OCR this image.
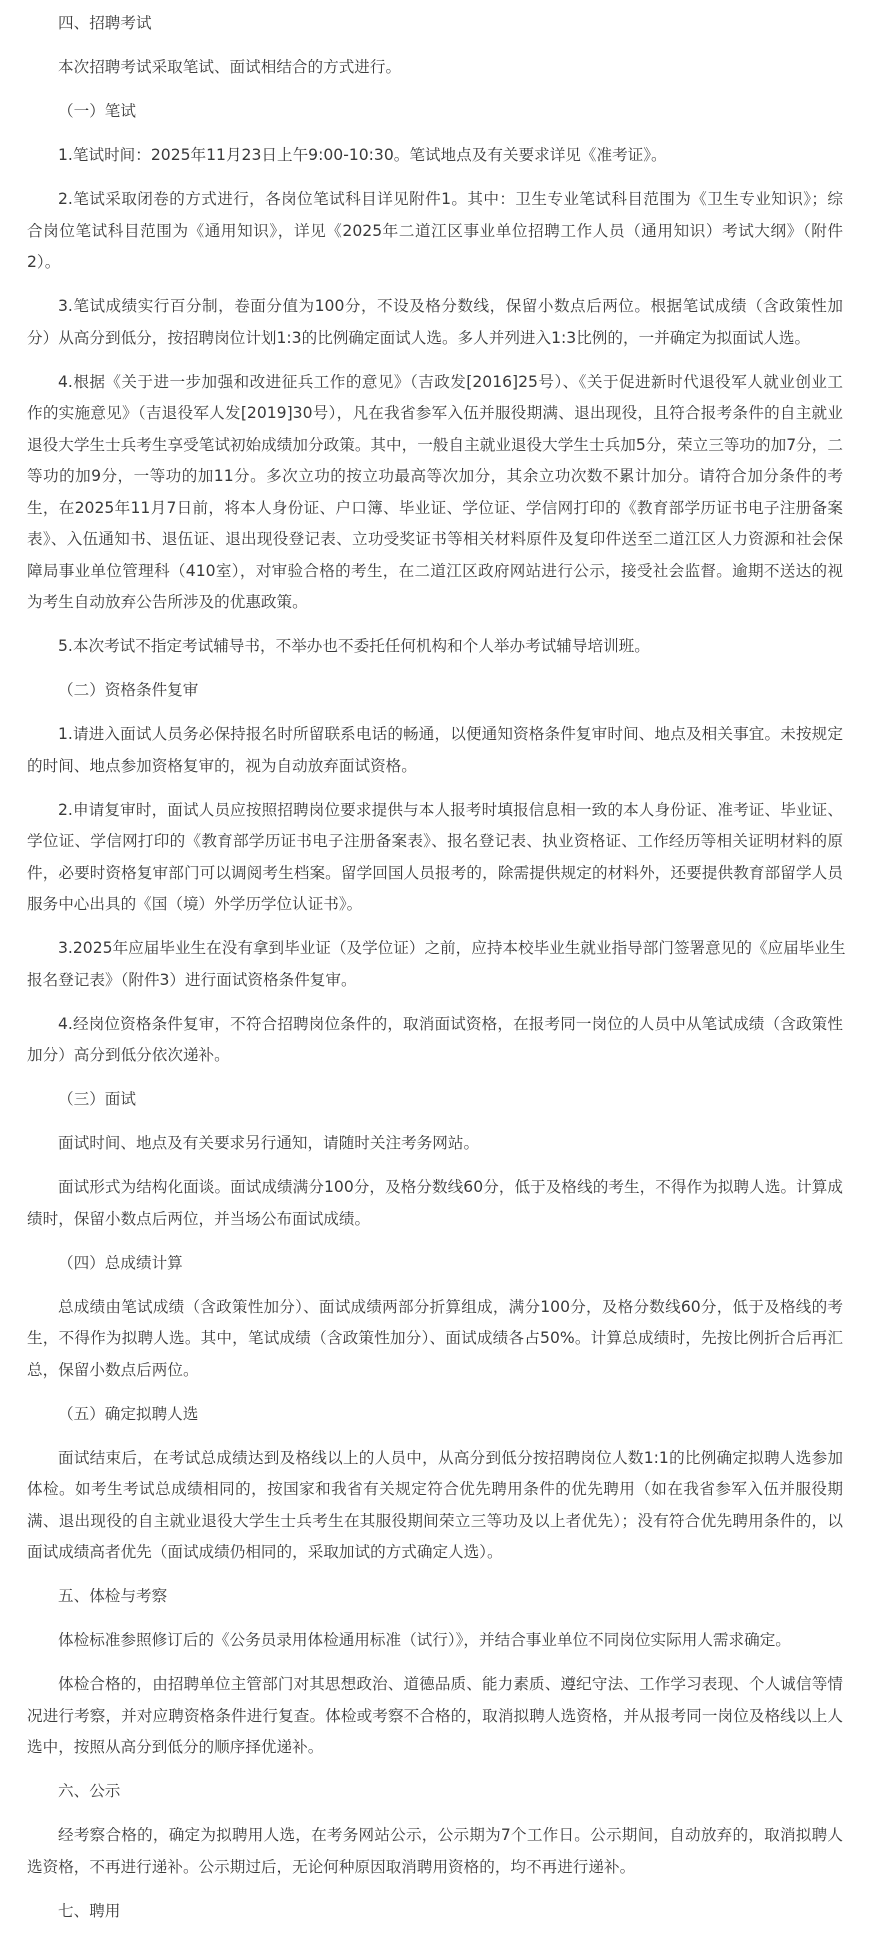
四、招聘考试
本次招聘考试采取笔试、面试相结合的方式进行。
（一）笔试
1.笔试时间：2025年11月23日上午9:00-10:30。笔试地点及有关要求详见《准考证》。
2.笔试采取闭卷的方式进行，各岗位笔试科目详见附件1。其中：卫生专业笔试科目范围为《卫生专业知识》；综
合岗位笔试科目范围为《通用知识》，详见《2025年二道江区事业单位招聘工作人员（通用知识）考试大纲》（附件
2）。
3.笔试成绩实行百分制，卷面分值为100分，不设及格分数线，保留小数点后两位。根据笔试成绩（含政策性加
分）从高分到低分，按招聘岗位计划1:3的比例确定面试人选。多人并列进入1:3比例的，一并确定为拟面试人选。
4.根据《关于进一步加强和改进征兵工作的意见》（吉政发[2016]25号）、《关于促进新时代退役军人就业创业工
作的实施意见》（吉退役军人发[2019]30号），凡在我省参军入伍并服役期满、退出现役，且符合报考条件的自主就业
退役大学生士兵考生享受笔试初始成绩加分政策。其中，一般自主就业退役大学生士兵加5分，荣立三等功的加7分，二
等功的加9分，一等功的加11分。多次立功的按立功最高等次加分，其余立功次数不累计加分。请符合加分条件的考
生，在2025年11月7日前，将本人身份证、户口簿、毕业证、学位证、学信网打印的《教育部学历证书电子注册备案
表》、入伍通知书、退伍证、退出现役登记表、立功受奖证书等相关材料原件及复印件送至二道江区人力资源和社会保
障局事业单位管理科（410室），对审验合格的考生，在二道江区政府网站进行公示，接受社会监督。逾期不送达的视
为考生自动放弃公告所涉及的优惠政策。
5.本次考试不指定考试辅导书，不举办也不委托任何机构和个人举办考试辅导培训班。
（二）资格条件复审
1.请进入面试人员务必保持报名时所留联系电话的畅通，以便通知资格条件复审时间、地点及相关事宜。未按规定
的时间、地点参加资格复审的，视为自动放弃面试资格。
2.申请复审时，面试人员应按照招聘岗位要求提供与本人报考时填报信息相一致的本人身份证、准考证、毕业证、
学位证、学信网打印的《教育部学历证书电子注册备案表》、报名登记表、执业资格证、工作经历等相关证明材料的原
件，必要时资格复审部门可以调阅考生档案。留学回国人员报考的，除需提供规定的材料外，还要提供教育部留学人员
服务中心出具的《国（境）外学历学位认证书》。
3.2025年应届毕业生在没有拿到毕业证（及学位证）之前，应持本校毕业生就业指导部门签署意见的《应届毕业生
报名登记表》（附件3）进行面试资格条件复审。
4.经岗位资格条件复审，不符合招聘岗位条件的，取消面试资格，在报考同一岗位的人员中从笔试成绩（含政策性
加分）高分到低分依次递补。
（三）面试
面试时间、地点及有关要求另行通知，请随时关注考务网站。
面试形式为结构化面谈。面试成绩满分100分，及格分数线60分，低于及格线的考生，不得作为拟聘人选。计算成
绩时，保留小数点后两位，并当场公布面试成绩。
（四）总成绩计算
总成绩由笔试成绩（含政策性加分）、面试成绩两部分折算组成，满分100分，及格分数线60分，低于及格线的考
生，不得作为拟聘人选。其中，笔试成绩（含政策性加分）、面试成绩各占50%。计算总成绩时，先按比例折合后再汇
总，保留小数点后两位。
（五）确定拟聘人选
面试结束后，在考试总成绩达到及格线以上的人员中，从高分到低分按招聘岗位人数1:1的比例确定拟聘人选参加
体检。如考生考试总成绩相同的，按国家和我省有关规定符合优先聘用条件的优先聘用（如在我省参军入伍并服役期
满、退出现役的自主就业退役大学生士兵考生在其服役期间荣立三等功及以上者优先）；没有符合优先聘用条件的，以
面试成绩高者优先（面试成绩仍相同的，采取加试的方式确定人选）。
五、体检与考察
体检标准参照修订后的《公务员录用体检通用标准（试行）》，并结合事业单位不同岗位实际用人需求确定。
体检合格的，由招聘单位主管部门对其思想政治、道德品质、能力素质、遵纪守法、工作学习表现、个人诚信等情
况进行考察，并对应聘资格条件进行复查。体检或考察不合格的，取消拟聘人选资格，并从报考同一岗位及格线以上人
选中，按照从高分到低分的顺序择优递补。
六、公示
经考察合格的，确定为拟聘用人选，在考务网站公示，公示期为7个工作日。公示期间，自动放弃的，取消拟聘人
选资格，不再进行递补。公示期过后，无论何种原因取消聘用资格的，均不再进行递补。
七、聘用
